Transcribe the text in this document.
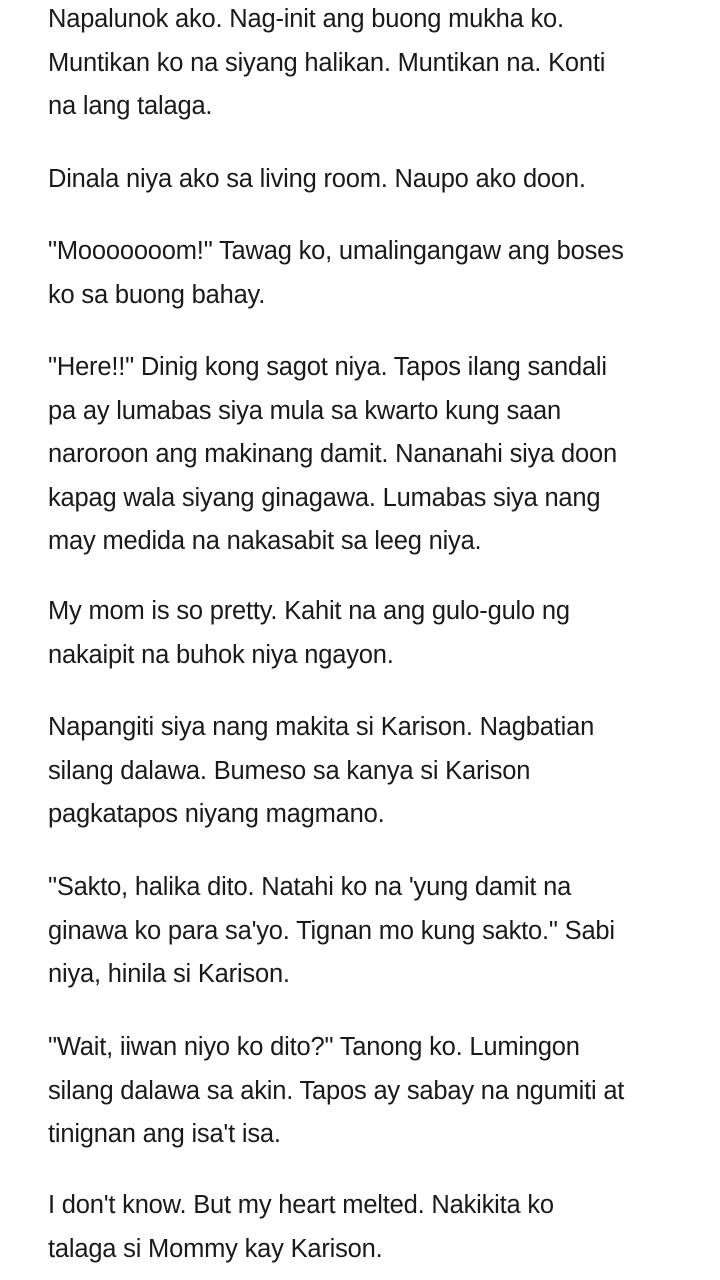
Napalunok ako. Nag-init ang buong mukha ko.
Muntikan ko na siyang halikan. Muntikan na. Konti
na lang talaga.

Dinala niya ako sa living room. Naupo ako doon.

"Mooooooom!" Tawag ko, umalingangaw ang boses
ko sa buong bahay.

"Here!!" Dinig kong sagot niya. Tapos ilang sandali
pa ay lumabas siya mula sa kwarto kung saan
naroroon ang makinang damit. Nananahi siya doon
kapag wala siyang ginagawa. Lumabas siya nang
may medida na nakasabit sa leeg niya.

My mom is so pretty. Kahit na ang gulo-gulo ng
nakaipit na buhok niya ngayon.

Napangiti siya nang makita si Karison. Nagbatian
silang dalawa. Bumeso sa kanya si Karison
pagkatapos niyang magmano.

"Sakto, halika dito. Natahi ko na 'yung damit na
ginawa ko para sa'yo. Tignan mo kung sakto." Sabi
niya, hinila si Karison.

"Wait, iiwan niyo ko dito?" Tanong ko. Lumingon
silang dalawa sa akin. Tapos ay sabay na ngumiti at
tinignan ang isa't isa.

I don't know. But my heart melted. Nakikita ko
talaga si Mommy kay Karison.
